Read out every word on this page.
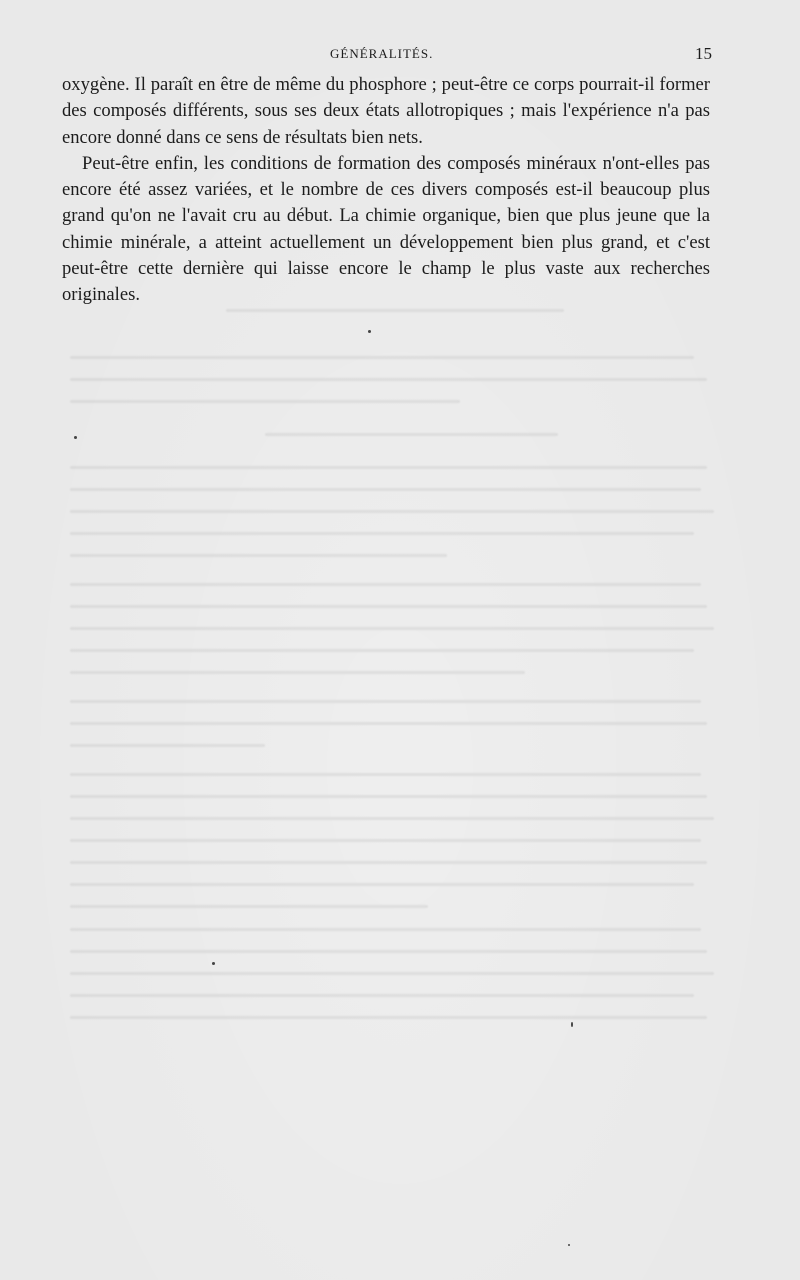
GÉNÉRALITÉS.	15

oxygène. Il paraît en être de même du phosphore ; peut-être ce corps pourrait-il former des composés différents, sous ses deux états allotropiques ; mais l'expérience n'a pas encore donné dans ce sens de résultats bien nets.

Peut-être enfin, les conditions de formation des composés minéraux n'ont-elles pas encore été assez variées, et le nombre de ces divers composés est-il beaucoup plus grand qu'on ne l'avait cru au début. La chimie organique, bien que plus jeune que la chimie minérale, a atteint actuellement un développement bien plus grand, et c'est peut-être cette dernière qui laisse encore le champ le plus vaste aux recherches originales.
